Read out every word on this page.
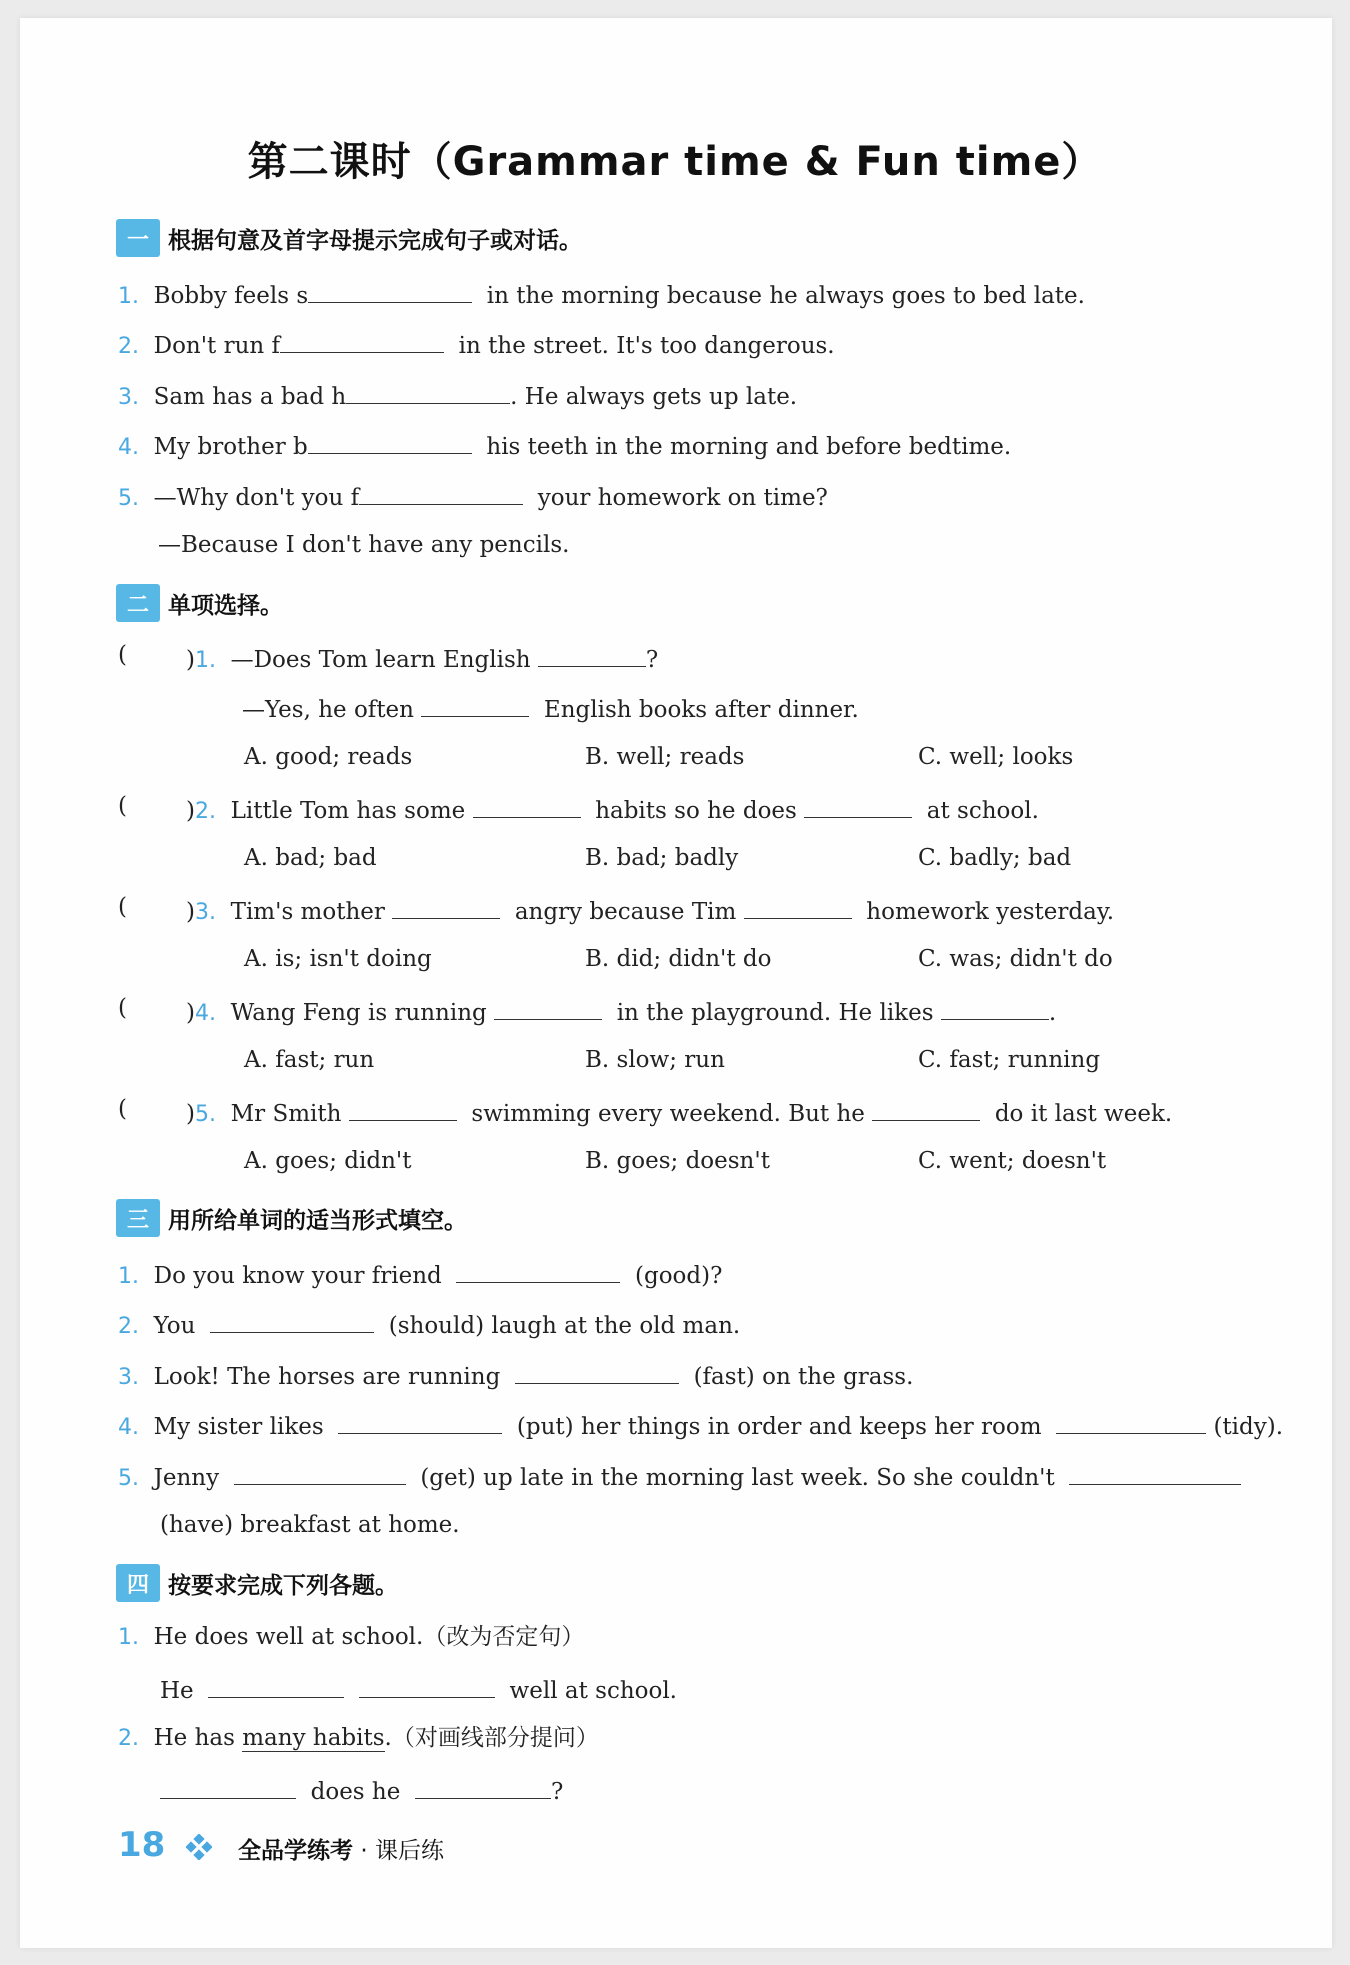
第二课时（Grammar time & Fun time）
一 根据句意及首字母提示完成句子或对话。
1. Bobby feels s	in the morning because he always goes to bed late.
2. Don't run f	in the street. It's too dangerous.
3. Sam has a bad h	. He always gets up late.
4. My brother b	his teeth in the morning and before bedtime.
5. —Why don't you f	your homework on time?
—Because I don't have any pencils.
二 单项选择。
(	)1. —Does Tom learn English	?
—Yes, he often	English books after dinner.
A. good; reads	B. well; reads	C. well; looks
(	)2. Little Tom has some	habits so he does	at school.
A. bad; bad	B. bad; badly	C. badly; bad
(	)3. Tim's mother	angry because Tim	homework yesterday.
A. is; isn't doing	B. did; didn't do	C. was; didn't do
(	)4. Wang Feng is running	in the playground. He likes	.
A. fast; run	B. slow; run	C. fast; running
(	)5. Mr Smith	swimming every weekend. But he	do it last week.
A. goes; didn't	B. goes; doesn't	C. went; doesn't
三 用所给单词的适当形式填空。
1. Do you know your friend	(good)?
2. You	(should) laugh at the old man.
3. Look! The horses are running	(fast) on the grass.
4. My sister likes	(put) her things in order and keeps her room	(tidy).
5. Jenny	(get) up late in the morning last week. So she couldn't
(have) breakfast at home.
四 按要求完成下列各题。
1. He does well at school.（改为否定句）
He	well at school.
2. He has many habits.（对画线部分提问）
does he	?
18	全品学练考 · 课后练
